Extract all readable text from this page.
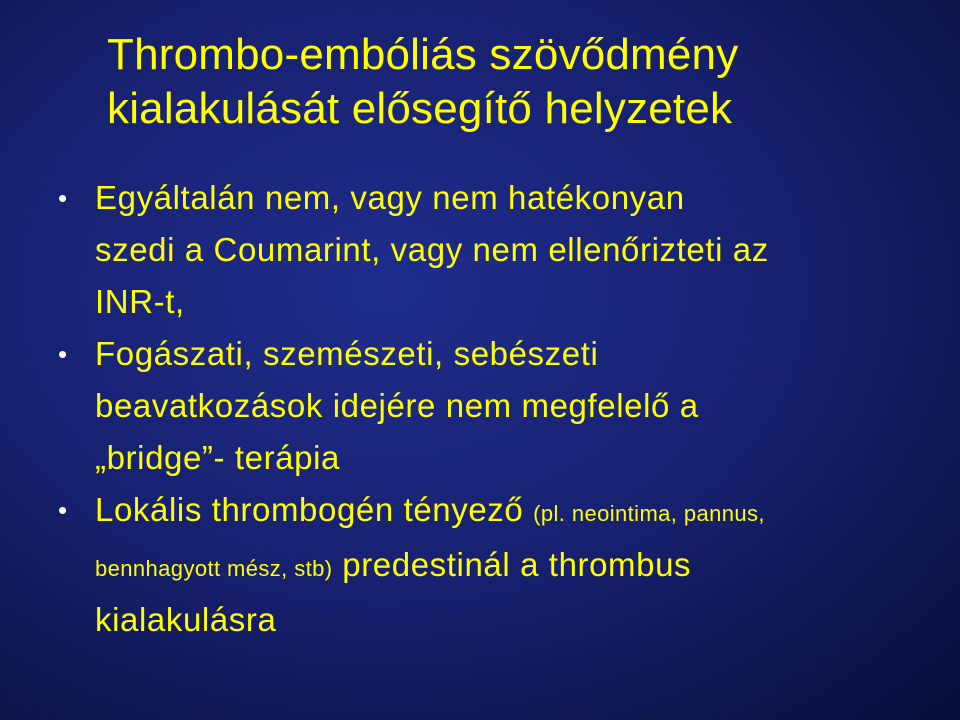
Thrombo-embóliás szövődmény
kialakulását elősegítő helyzetek
• Egyáltalán nem, vagy nem hatékonyan
szedi a Coumarint, vagy nem ellenőrizteti az
INR-t,
• Fogászati, szemészeti, sebészeti
beavatkozások idejére nem megfelelő a
„bridge”- terápia
• Lokális thrombogén tényező (pl. neointima, pannus,
bennhagyott mész, stb) predestinál a thrombus
kialakulásra
